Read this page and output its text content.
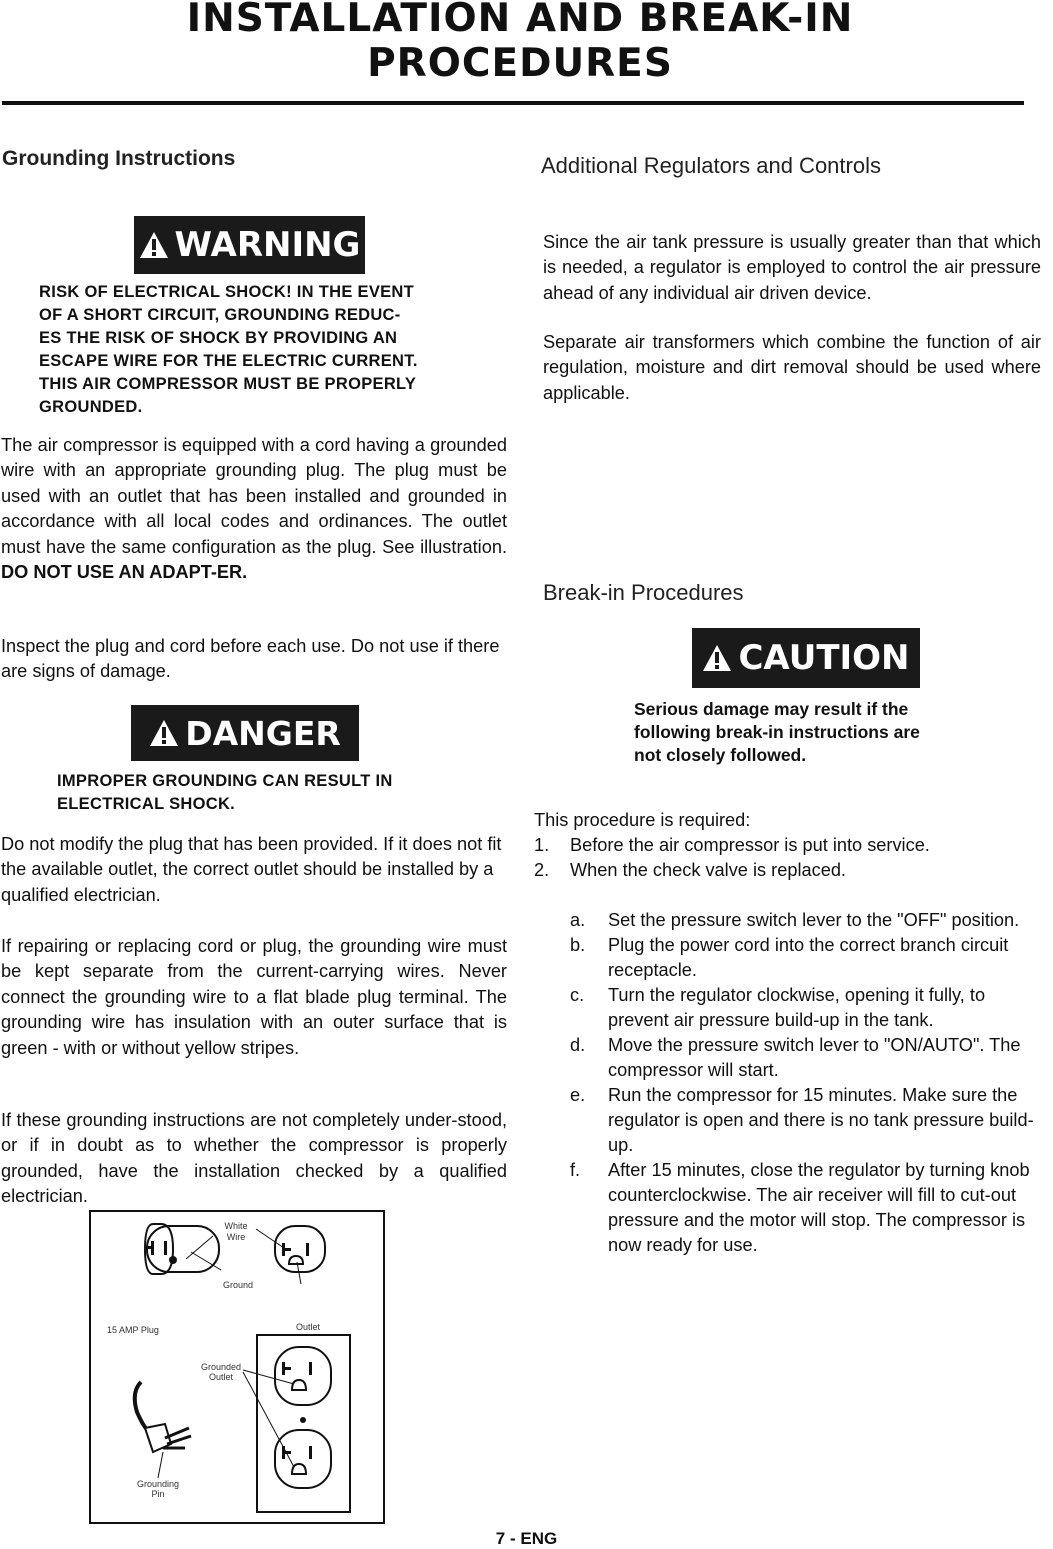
INSTALLATION AND BREAK-IN
PROCEDURES
Grounding Instructions
WARNING

RISK OF ELECTRICAL SHOCK! IN THE EVENT

OF A SHORT CIRCUIT, GROUNDING REDUC-

ES THE RISK OF SHOCK BY PROVIDING AN

ESCAPE WIRE FOR THE ELECTRIC CURRENT.

THIS AIR COMPRESSOR MUST BE PROPERLY

GROUNDED.

The air compressor is equipped with a cord having a grounded wire with an appropriate grounding plug. The plug must be used with an outlet that has been installed and grounded in accordance with all local codes and ordinances. The outlet must have the same configuration as the plug. See illustration. DO NOT USE AN ADAPT-ER.

Inspect the plug and cord before each use. Do not use if there are signs of damage.

DANGER

IMPROPER GROUNDING CAN RESULT IN

ELECTRICAL SHOCK.

Do not modify the plug that has been provided. If it does not fit the available outlet, the correct outlet should be installed by a qualified electrician.

If repairing or replacing cord or plug, the grounding wire must be kept separate from the current-carrying wires. Never connect the grounding wire to a flat blade plug terminal. The grounding wire has insulation with an outer surface that is green - with or without yellow stripes.

If these grounding instructions are not completely under-stood, or if in doubt as to whether the compressor is properly grounded, have the installation checked by a qualified electrician.

White
Wire
Ground
15 AMP Plug	Outlet
Grounded
Outlet
Grounding
Pin
Additional Regulators and Controls

Since the air tank pressure is usually greater than that which is needed, a regulator is employed to control the air pressure ahead of any individual air driven device.

Separate air transformers which combine the function of air regulation, moisture and dirt removal should be used where applicable.

Break-in Procedures
CAUTION

Serious damage may result if the

following break-in instructions are

not closely followed.

This procedure is required:
1.	Before the air compressor is put into service.
2.	When the check valve is replaced.
a.	Set the pressure switch lever to the "OFF" position.
b.	Plug the power cord into the correct branch circuit receptacle.
c.	Turn the regulator clockwise, opening it fully, to prevent air pressure build-up in the tank.
d.	Move the pressure switch lever to "ON/AUTO". The compressor will start.
e.	Run the compressor for 15 minutes. Make sure the regulator is open and there is no tank pressure build-up.
f.	After 15 minutes, close the regulator by turning knob counterclockwise. The air receiver will fill to cut-out pressure and the motor will stop. The compressor is now ready for use.
7 - ENG
